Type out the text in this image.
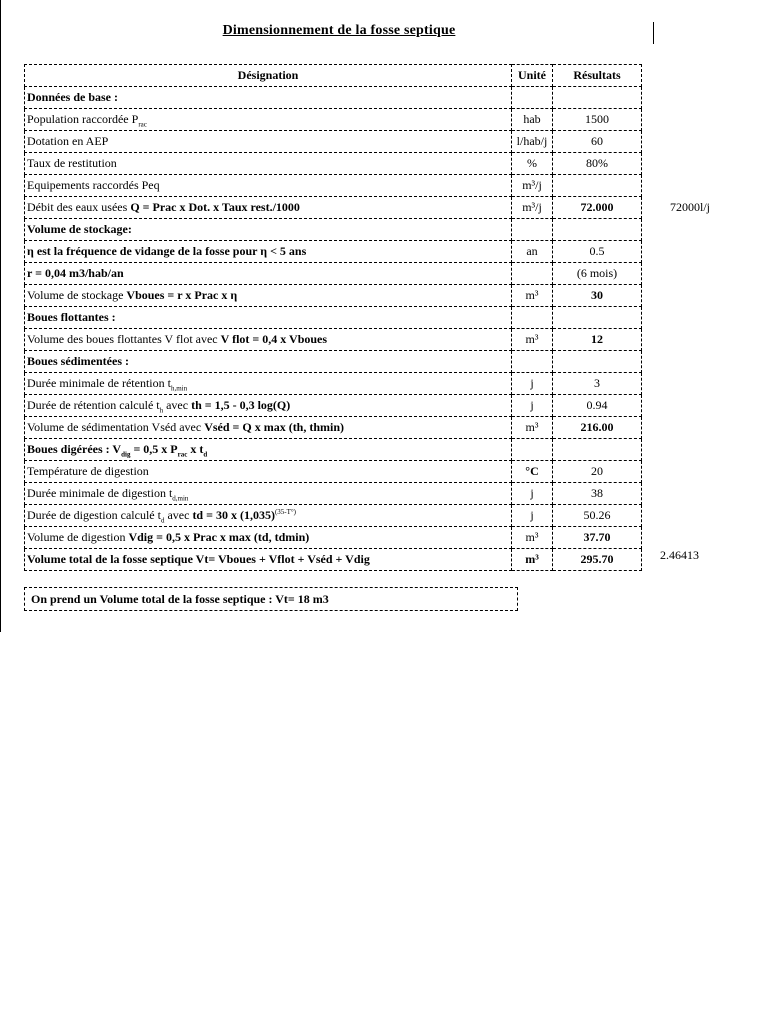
Dimensionnement de la fosse septique
Désignation	Unité	Résultats
Données de base :		
Population raccordée $P_{rac}$	hab	1500
Dotation en AEP	l/hab/j	60
Taux de restitution	%	80%
Equipements raccordés Peq	m³/j	
Débit des eaux usées Q = Prac x Dot. x Taux rest./1000	m³/j	72.000
Volume de stockage:		
η est la fréquence de vidange de la fosse pour η < 5 ans	an	0.5
r = 0,04 m3/hab/an		(6 mois)
Volume de stockage Vboues = r x Prac x η	m³	30
Boues flottantes :		
Volume des boues flottantes V flot avec V flot = 0,4 x Vboues	m³	12
Boues sédimentées :		
Durée minimale de rétention $t_{h,min}$	j	3
Durée de rétention calculé $t_h$ avec th = 1,5 - 0,3 log(Q)	j	0.94
Volume de sédimentation Vséd avec Vséd = Q x max (th, thmin)	m³	216.00
Boues digérées : $V_{dig} = 0,5$ x $P_{rac}$ x $t_d$		
Température de digestion	°C	20
Durée minimale de digestion $t_{d,min}$	j	38
Durée de digestion calculé $t_d$ avec td = 30 x $(1,035)^{(35-T^\circ)}$	j	50.26
Volume de digestion Vdig = 0,5 x Prac x max (td, tdmin)	m³	37.70
Volume total de la fosse septique Vt= Vboues + Vflot + Vséd + Vdig	m³	295.70
72000l/j
2.46413
On prend un Volume total de la fosse septique : Vt= 18 m3
